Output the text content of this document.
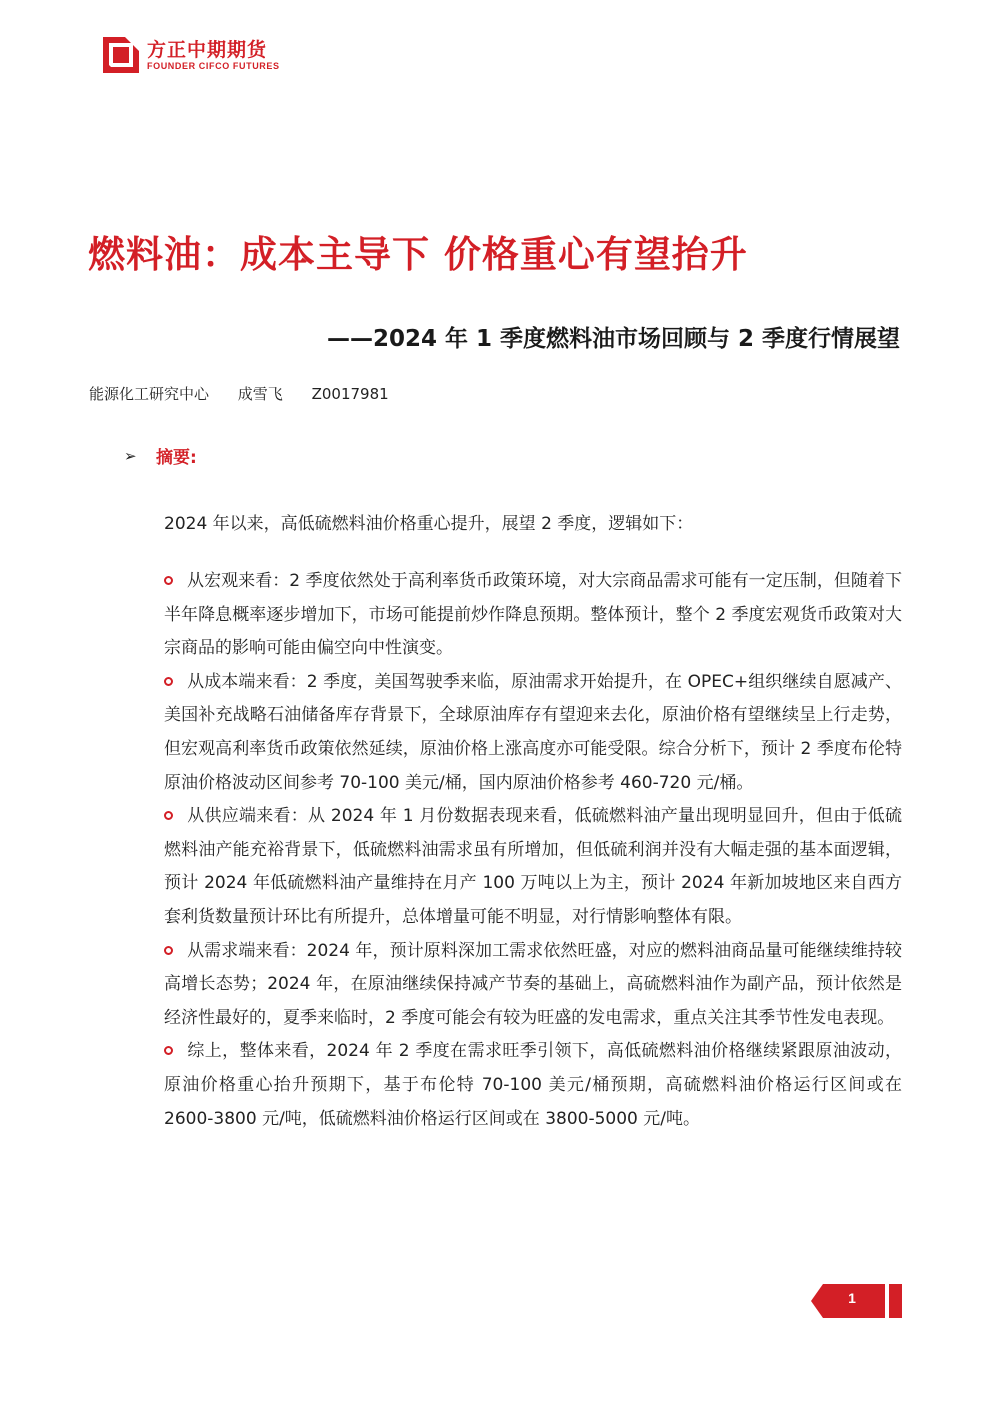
方正中期期货
FOUNDER CIFCO FUTURES
燃料油：成本主导下 价格重心有望抬升
——2024 年 1 季度燃料油市场回顾与 2 季度行情展望
能源化工研究中心 成雪飞 Z0017981
➢	摘要:

2024 年以来，高低硫燃料油价格重心提升，展望 2 季度，逻辑如下：

从宏观来看：2 季度依然处于高利率货币政策环境，对大宗商品需求可能有一定压制，但随着下半年降息概率逐步增加下，市场可能提前炒作降息预期。整体预计，整个 2 季度宏观货币政策对大宗商品的影响可能由偏空向中性演变。
从成本端来看：2 季度，美国驾驶季来临，原油需求开始提升，在 OPEC+组织继续自愿减产、美国补充战略石油储备库存背景下，全球原油库存有望迎来去化，原油价格有望继续呈上行走势，但宏观高利率货币政策依然延续，原油价格上涨高度亦可能受限。综合分析下，预计 2 季度布伦特原油价格波动区间参考 70-100 美元/桶，国内原油价格参考 460-720 元/桶。
从供应端来看：从 2024 年 1 月份数据表现来看，低硫燃料油产量出现明显回升，但由于低硫燃料油产能充裕背景下，低硫燃料油需求虽有所增加，但低硫利润并没有大幅走强的基本面逻辑，预计 2024 年低硫燃料油产量维持在月产 100 万吨以上为主，预计 2024 年新加坡地区来自西方套利货数量预计环比有所提升，总体增量可能不明显，对行情影响整体有限。
从需求端来看：2024 年，预计原料深加工需求依然旺盛，对应的燃料油商品量可能继续维持较高增长态势；2024 年，在原油继续保持减产节奏的基础上，高硫燃料油作为副产品，预计依然是经济性最好的，夏季来临时，2 季度可能会有较为旺盛的发电需求，重点关注其季节性发电表现。
综上，整体来看，2024 年 2 季度在需求旺季引领下，高低硫燃料油价格继续紧跟原油波动，原油价格重心抬升预期下，基于布伦特 70-100 美元/桶预期，高硫燃料油价格运行区间或在 2600-3800 元/吨，低硫燃料油价格运行区间或在 3800-5000 元/吨。
1
